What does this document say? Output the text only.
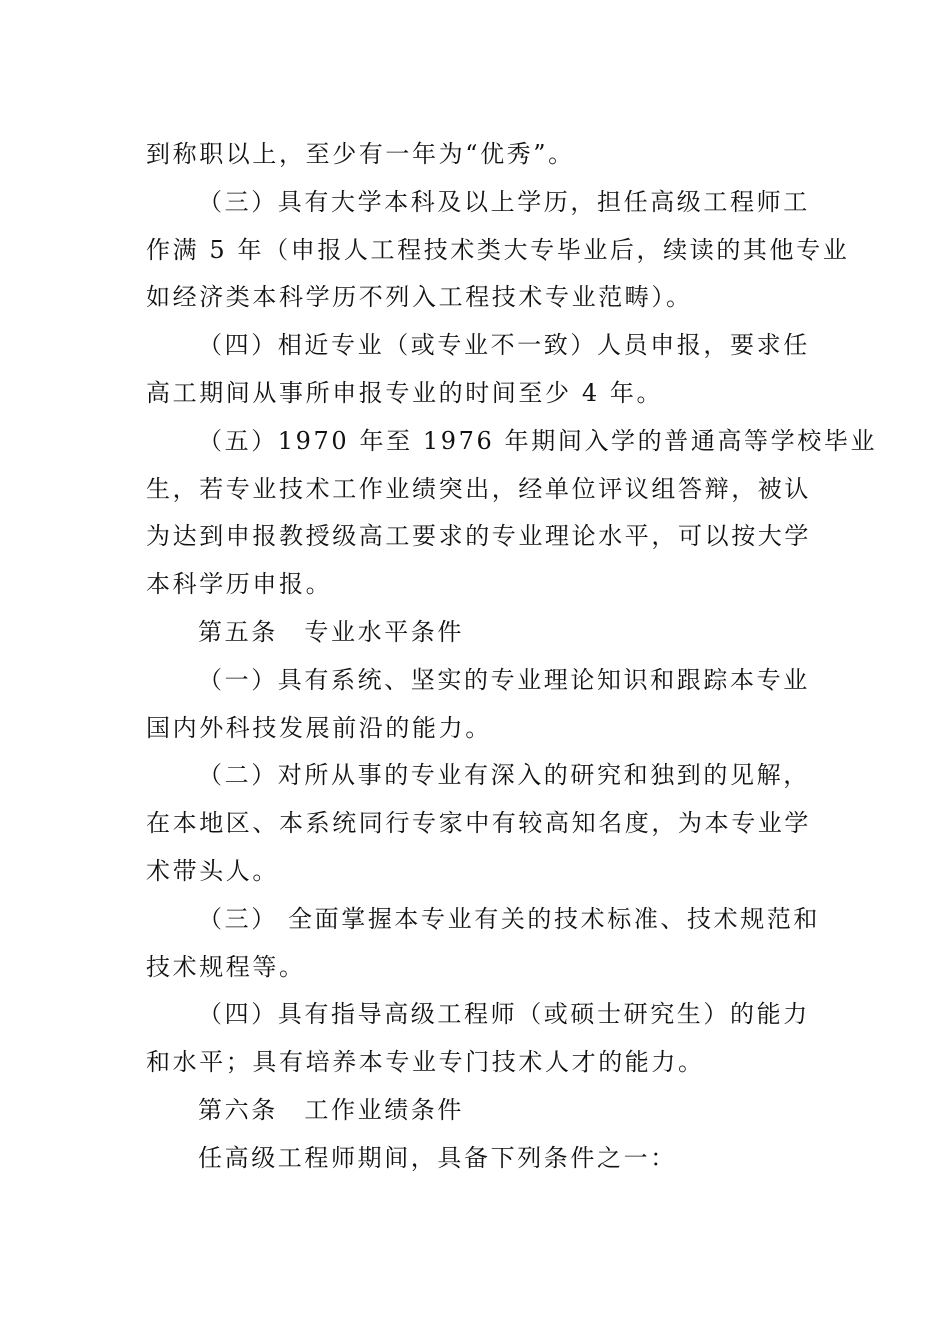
到称职以上，至少有一年为“优秀”。
（三）具有大学本科及以上学历，担任高级工程师工
作满 5 年（申报人工程技术类大专毕业后，续读的其他专业
如经济类本科学历不列入工程技术专业范畴）。
（四）相近专业（或专业不一致）人员申报，要求任
高工期间从事所申报专业的时间至少 4 年。
（五）1970 年至 1976 年期间入学的普通高等学校毕业
生，若专业技术工作业绩突出，经单位评议组答辩，被认
为达到申报教授级高工要求的专业理论水平，可以按大学
本科学历申报。
第五条　专业水平条件
（一）具有系统、坚实的专业理论知识和跟踪本专业
国内外科技发展前沿的能力。
（二）对所从事的专业有深入的研究和独到的见解，
在本地区、本系统同行专家中有较高知名度，为本专业学
术带头人。
（三） 全面掌握本专业有关的技术标准、技术规范和
技术规程等。
（四）具有指导高级工程师（或硕士研究生）的能力
和水平；具有培养本专业专门技术人才的能力。
第六条　工作业绩条件
任高级工程师期间，具备下列条件之一：
